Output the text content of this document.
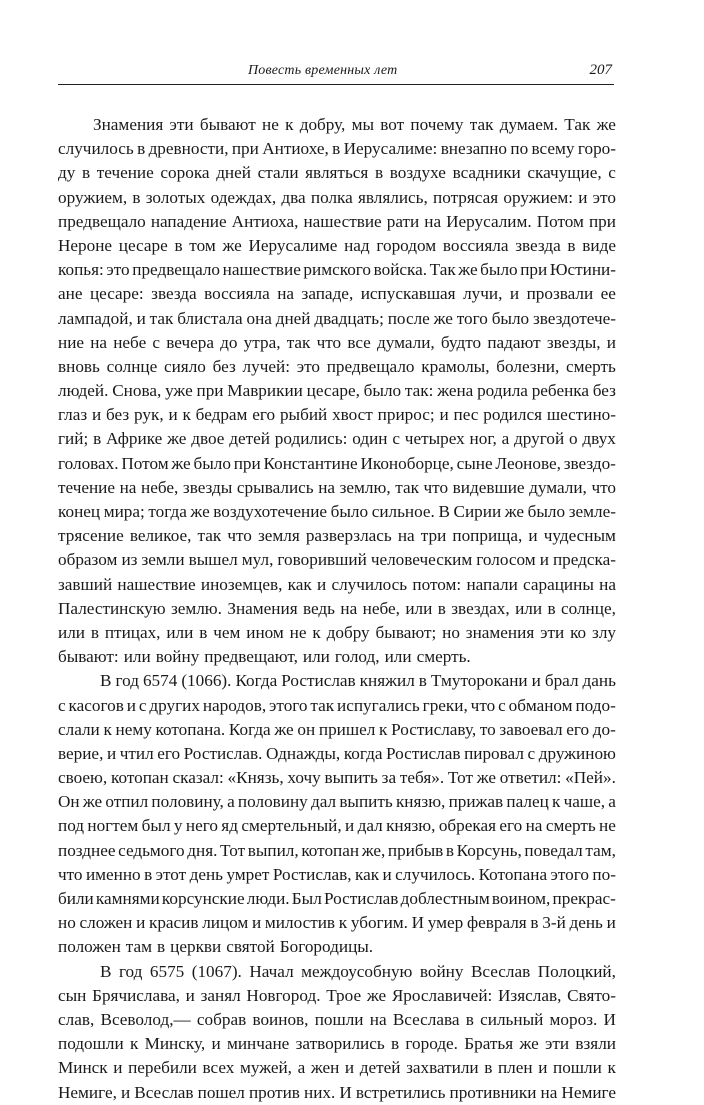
Повесть временных лет	207
Знамения эти бывают не к добру, мы вот почему так думаем. Так же
случилось в древности, при Антиохе, в Иерусалиме: внезапно по всему горо-
ду в течение сорока дней стали являться в воздухе всадники скачущие, с
оружием, в золотых одеждах, два полка являлись, потрясая оружием: и это
предвещало нападение Антиоха, нашествие рати на Иерусалим. Потом при
Нероне цесаре в том же Иерусалиме над городом воссияла звезда в виде
копья: это предвещало нашествие римского войска. Так же было при Юстини-
ане цесаре: звезда воссияла на западе, испускавшая лучи, и прозвали ее
лампадой, и так блистала она дней двадцать; после же того было звездотече-
ние на небе с вечера до утра, так что все думали, будто падают звезды, и
вновь солнце сияло без лучей: это предвещало крамолы, болезни, смерть
людей. Снова, уже при Маврикии цесаре, было так: жена родила ребенка без
глаз и без рук, и к бедрам его рыбий хвост прирос; и пес родился шестино-
гий; в Африке же двое детей родились: один с четырех ног, а другой о двух
головах. Потом же было при Константине Иконоборце, сыне Леонове, звездо-
течение на небе, звезды срывались на землю, так что видевшие думали, что
конец мира; тогда же воздухотечение было сильное. В Сирии же было земле-
трясение великое, так что земля разверзлась на три поприща, и чудесным
образом из земли вышел мул, говоривший человеческим голосом и предска-
завший нашествие иноземцев, как и случилось потом: напали сарацины на
Палестинскую землю. Знамения ведь на небе, или в звездах, или в солнце,
или в птицах, или в чем ином не к добру бывают; но знамения эти ко злу
бывают: или войну предвещают, или голод, или смерть.
В год 6574 (1066). Когда Ростислав княжил в Тмуторокани и брал дань
с касогов и с других народов, этого так испугались греки, что с обманом подо-
слали к нему котопана. Когда же он пришел к Ростиславу, то завоевал его до-
верие, и чтил его Ростислав. Однажды, когда Ростислав пировал с дружиною
своею, котопан сказал: «Князь, хочу выпить за тебя». Тот же ответил: «Пей».
Он же отпил половину, а половину дал выпить князю, прижав палец к чаше, а
под ногтем был у него яд смертельный, и дал князю, обрекая его на смерть не
позднее седьмого дня. Тот выпил, котопан же, прибыв в Корсунь, поведал там,
что именно в этот день умрет Ростислав, как и случилось. Котопана этого по-
били камнями корсунские люди. Был Ростислав доблестным воином, прекрас-
но сложен и красив лицом и милостив к убогим. И умер февраля в 3-й день и
положен там в церкви святой Богородицы.
В год 6575 (1067). Начал междоусобную войну Всеслав Полоцкий,
сын Брячислава, и занял Новгород. Трое же Ярославичей: Изяслав, Свято-
слав, Всеволод,— собрав воинов, пошли на Всеслава в сильный мороз. И
подошли к Минску, и минчане затворились в городе. Братья же эти взяли
Минск и перебили всех мужей, а жен и детей захватили в плен и пошли к
Немиге, и Всеслав пошел против них. И встретились противники на Немиге
